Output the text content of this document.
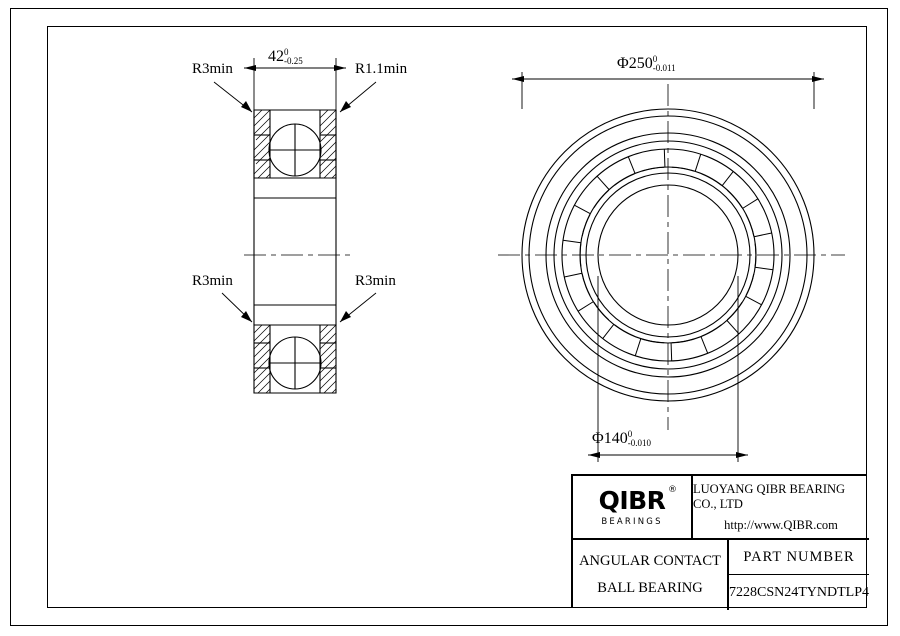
R3min	R1.1min
R3min	R3min
42 0
-0.25	Φ250 0
-0.011
Φ140 0
-0.010
QIBR ®
BEARINGS
LUOYANG QIBR BEARING CO., LTD
http://www.QIBR.com
ANGULAR CONTACT
BALL BEARING
PART NUMBER
7228CSN24TYNDTLP4
